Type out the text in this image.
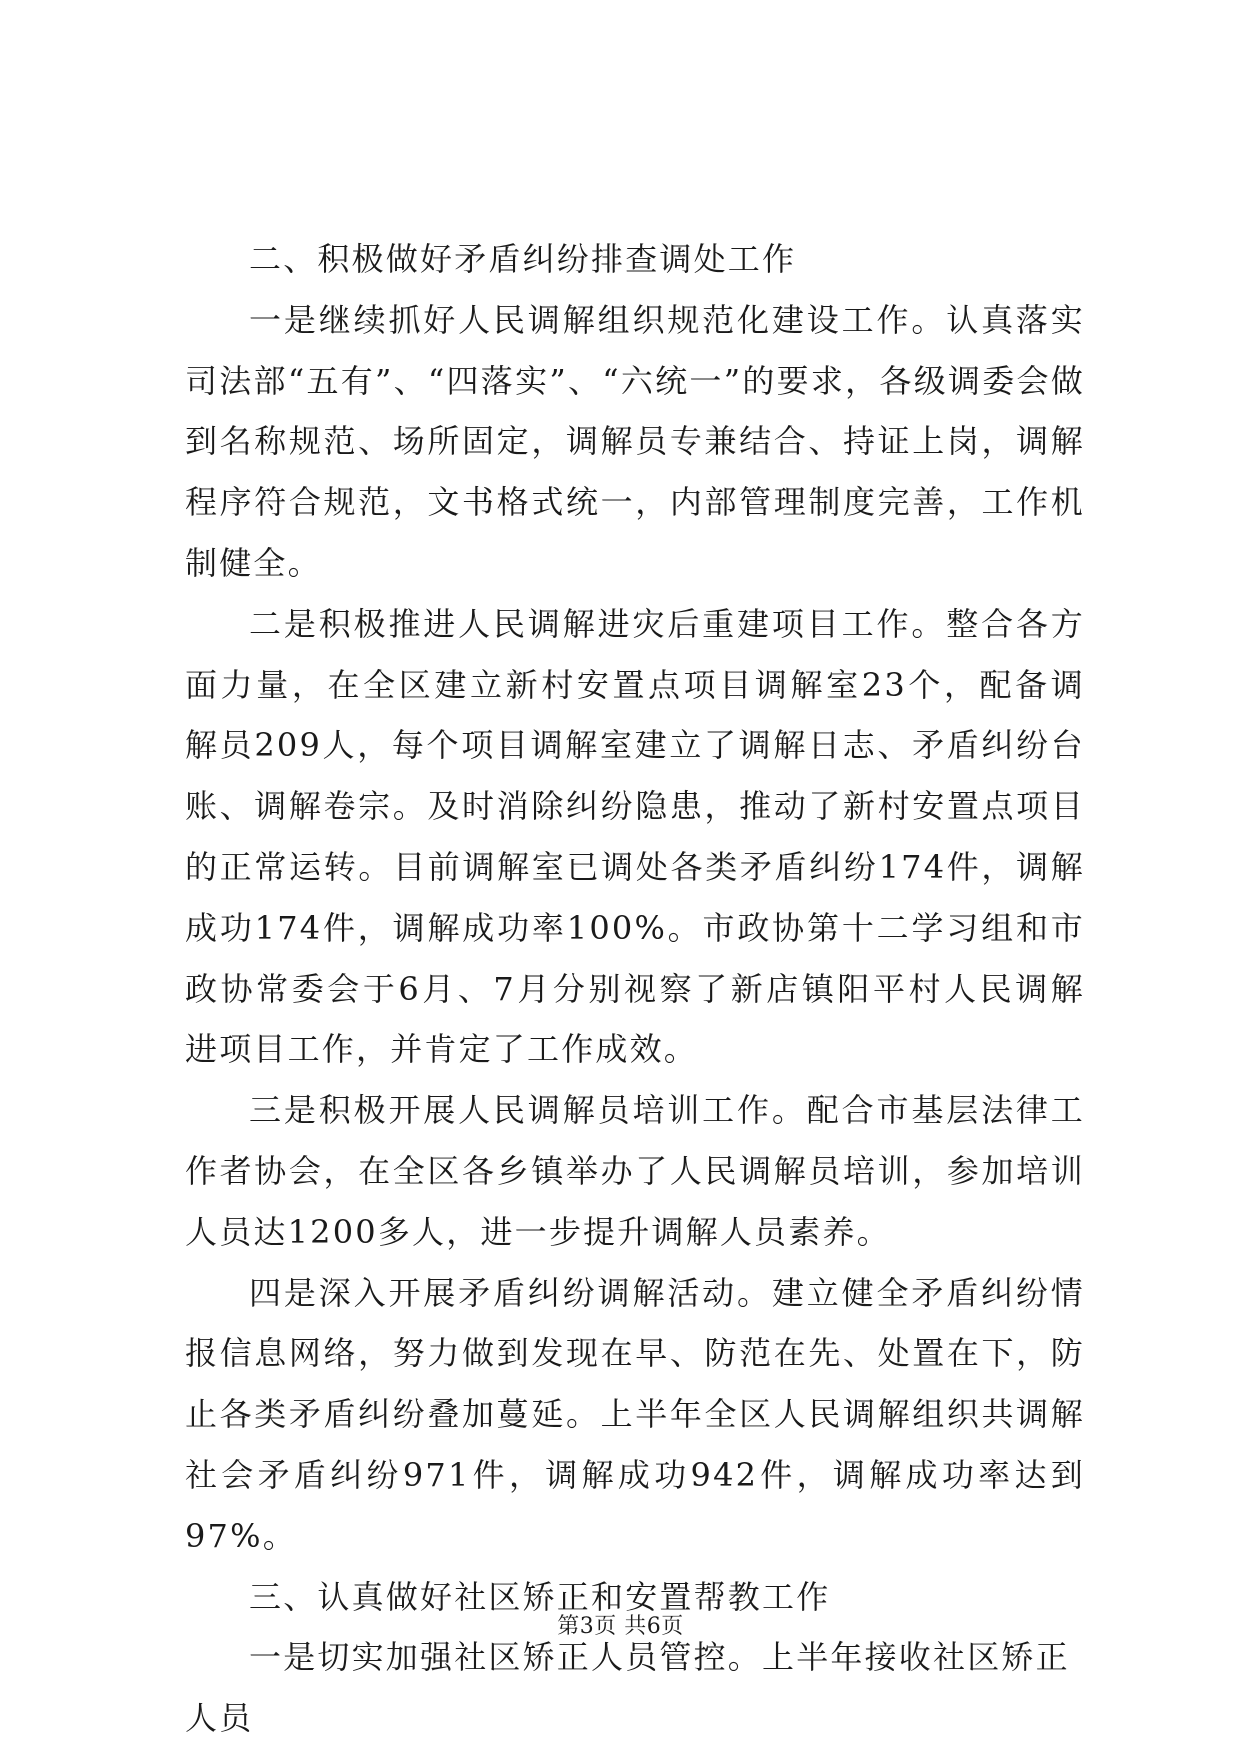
二、积极做好矛盾纠纷排查调处工作

一是继续抓好人民调解组织规范化建设工作。认真落实司法部“五有”、“四落实”、“六统一”的要求，各级调委会做到名称规范、场所固定，调解员专兼结合、持证上岗，调解程序符合规范，文书格式统一，内部管理制度完善，工作机制健全。

二是积极推进人民调解进灾后重建项目工作。整合各方面力量，在全区建立新村安置点项目调解室23个，配备调解员209人，每个项目调解室建立了调解日志、矛盾纠纷台账、调解卷宗。及时消除纠纷隐患，推动了新村安置点项目的正常运转。目前调解室已调处各类矛盾纠纷174件，调解成功174件，调解成功率100%。市政协第十二学习组和市政协常委会于6月、7月分别视察了新店镇阳平村人民调解进项目工作，并肯定了工作成效。

三是积极开展人民调解员培训工作。配合市基层法律工作者协会，在全区各乡镇举办了人民调解员培训，参加培训人员达1200多人，进一步提升调解人员素养。

四是深入开展矛盾纠纷调解活动。建立健全矛盾纠纷情报信息网络，努力做到发现在早、防范在先、处置在下，防止各类矛盾纠纷叠加蔓延。上半年全区人民调解组织共调解社会矛盾纠纷971件，调解成功942件，调解成功率达到97%。

三、认真做好社区矫正和安置帮教工作

一是切实加强社区矫正人员管控。上半年接收社区矫正人员

第3页 共6页
